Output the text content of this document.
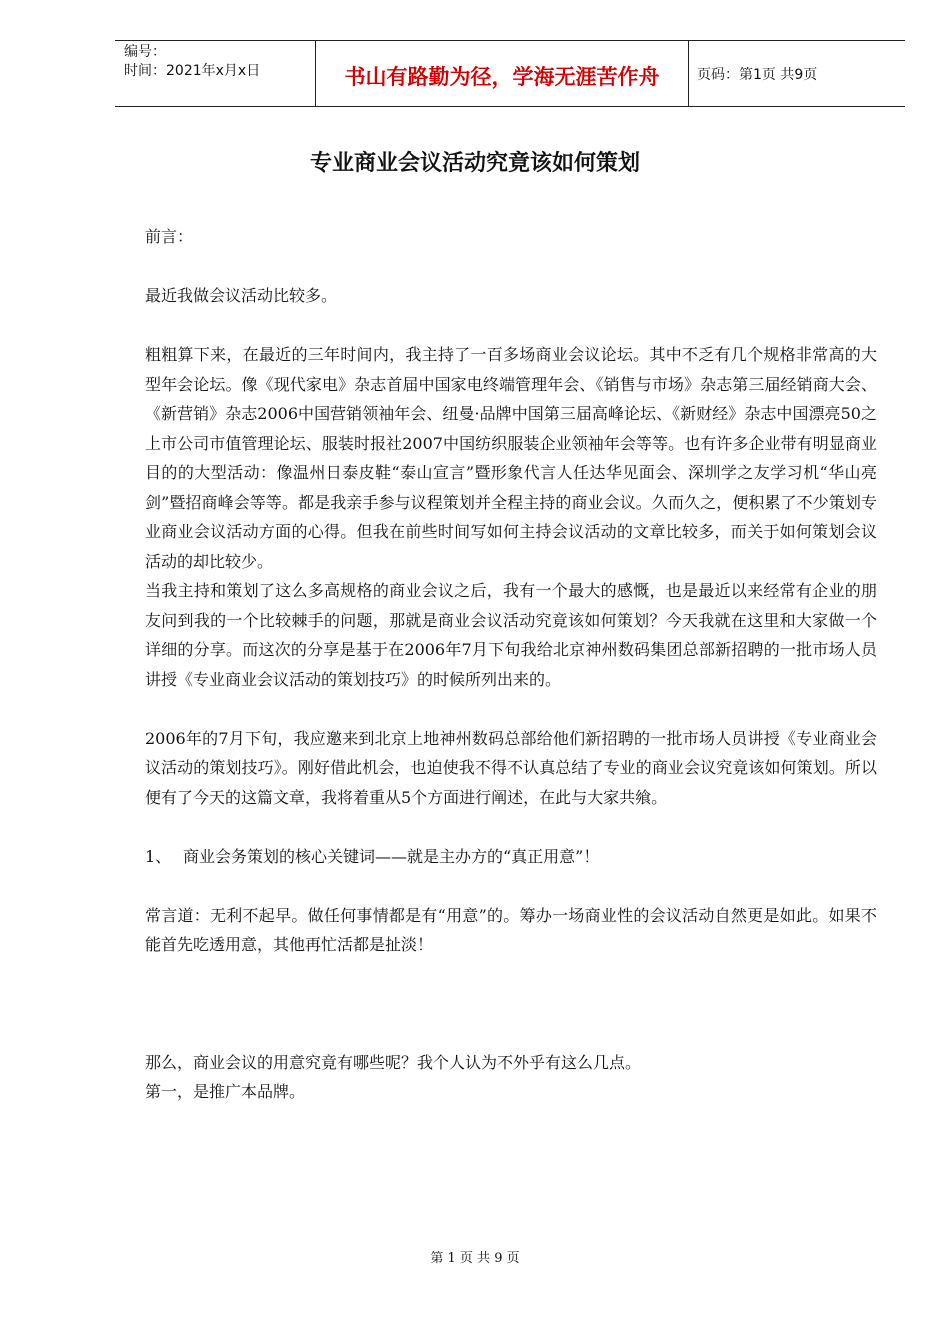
编号：
时间：2021年x月x日	书山有路勤为径，学海无涯苦作舟	页码：第1页 共9页
专业商业会议活动究竟该如何策划

前言：

最近我做会议活动比较多。

粗粗算下来，在最近的三年时间内，我主持了一百多场商业会议论坛。其中不乏有几个规格非常高的大型年会论坛。像《现代家电》杂志首届中国家电终端管理年会、《销售与市场》杂志第三届经销商大会、《新营销》杂志2006中国营销领袖年会、纽曼·品牌中国第三届高峰论坛、《新财经》杂志中国漂亮50之上市公司市值管理论坛、服装时报社2007中国纺织服装企业领袖年会等等。也有许多企业带有明显商业目的的大型活动：像温州日泰皮鞋“泰山宣言”暨形象代言人任达华见面会、深圳学之友学习机“华山亮剑”暨招商峰会等等。都是我亲手参与议程策划并全程主持的商业会议。久而久之，便积累了不少策划专业商业会议活动方面的心得。但我在前些时间写如何主持会议活动的文章比较多，而关于如何策划会议活动的却比较少。

当我主持和策划了这么多高规格的商业会议之后，我有一个最大的感慨，也是最近以来经常有企业的朋友问到我的一个比较棘手的问题，那就是商业会议活动究竟该如何策划？今天我就在这里和大家做一个详细的分享。而这次的分享是基于在2006年7月下旬我给北京神州数码集团总部新招聘的一批市场人员讲授《专业商业会议活动的策划技巧》的时候所列出来的。

2006年的7月下旬，我应邀来到北京上地神州数码总部给他们新招聘的一批市场人员讲授《专业商业会议活动的策划技巧》。刚好借此机会，也迫使我不得不认真总结了专业的商业会议究竟该如何策划。所以便有了今天的这篇文章，我将着重从5个方面进行阐述，在此与大家共飨。

1、 商业会务策划的核心关键词——就是主办方的“真正用意”！

常言道：无利不起早。做任何事情都是有“用意”的。筹办一场商业性的会议活动自然更是如此。如果不能首先吃透用意，其他再忙活都是扯淡！

那么，商业会议的用意究竟有哪些呢？我个人认为不外乎有这么几点。

第一，是推广本品牌。

第 1 页 共 9 页
